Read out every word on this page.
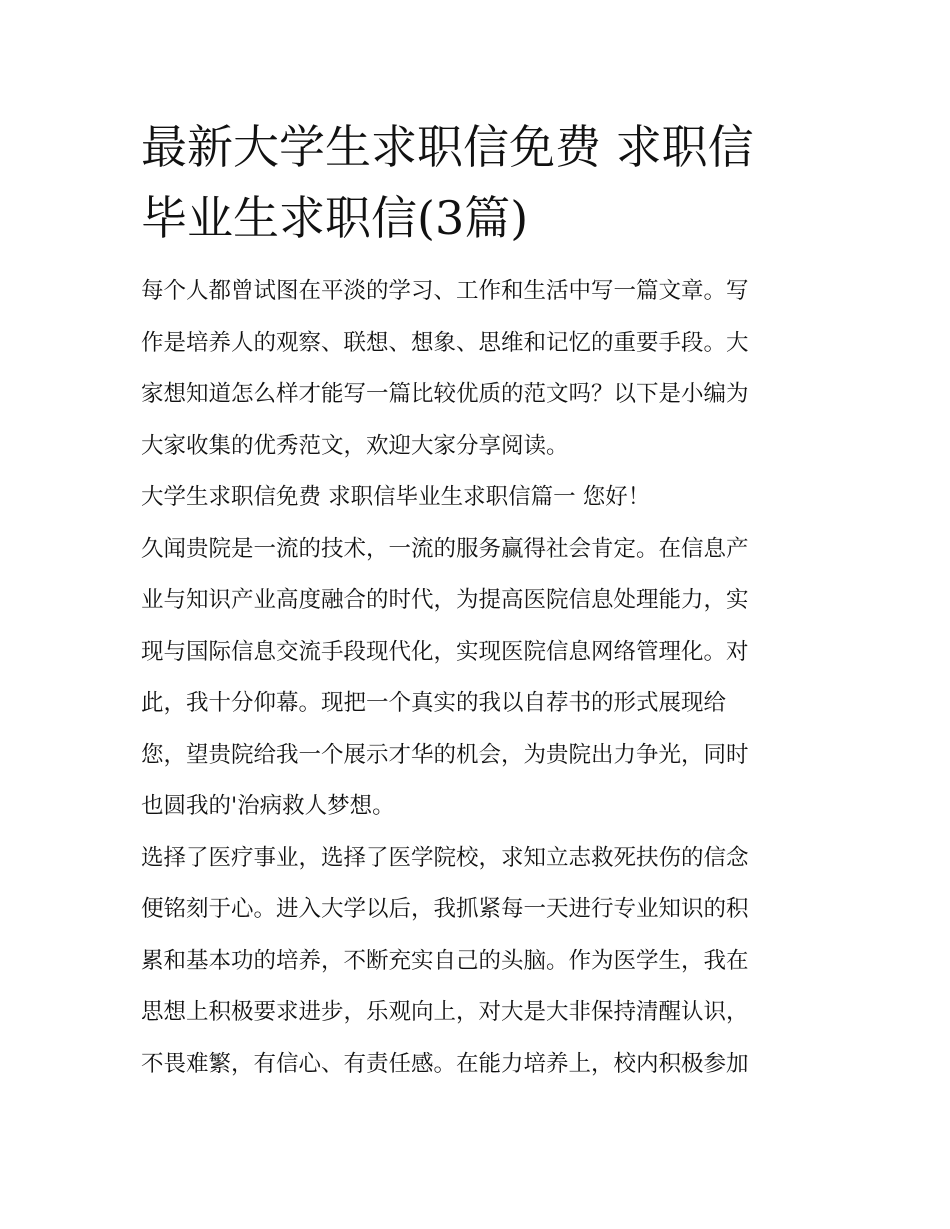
最新大学生求职信免费 求职信
毕业生求职信(3篇)

每个人都曾试图在平淡的学习、工作和生活中写一篇文章。写
作是培养人的观察、联想、想象、思维和记忆的重要手段。大
家想知道怎么样才能写一篇比较优质的范文吗？以下是小编为
大家收集的优秀范文，欢迎大家分享阅读。

大学生求职信免费 求职信毕业生求职信篇一 您好！

久闻贵院是一流的技术，一流的服务赢得社会肯定。在信息产
业与知识产业高度融合的时代，为提高医院信息处理能力，实
现与国际信息交流手段现代化，实现医院信息网络管理化。对
此，我十分仰幕。现把一个真实的我以自荐书的形式展现给
您，望贵院给我一个展示才华的机会，为贵院出力争光，同时
也圆我的'治病救人梦想。

选择了医疗事业，选择了医学院校，求知立志救死扶伤的信念
便铭刻于心。进入大学以后，我抓紧每一天进行专业知识的积
累和基本功的培养，不断充实自己的头脑。作为医学生，我在
思想上积极要求进步，乐观向上，对大是大非保持清醒认识，
不畏难繁，有信心、有责任感。在能力培养上，校内积极参加
